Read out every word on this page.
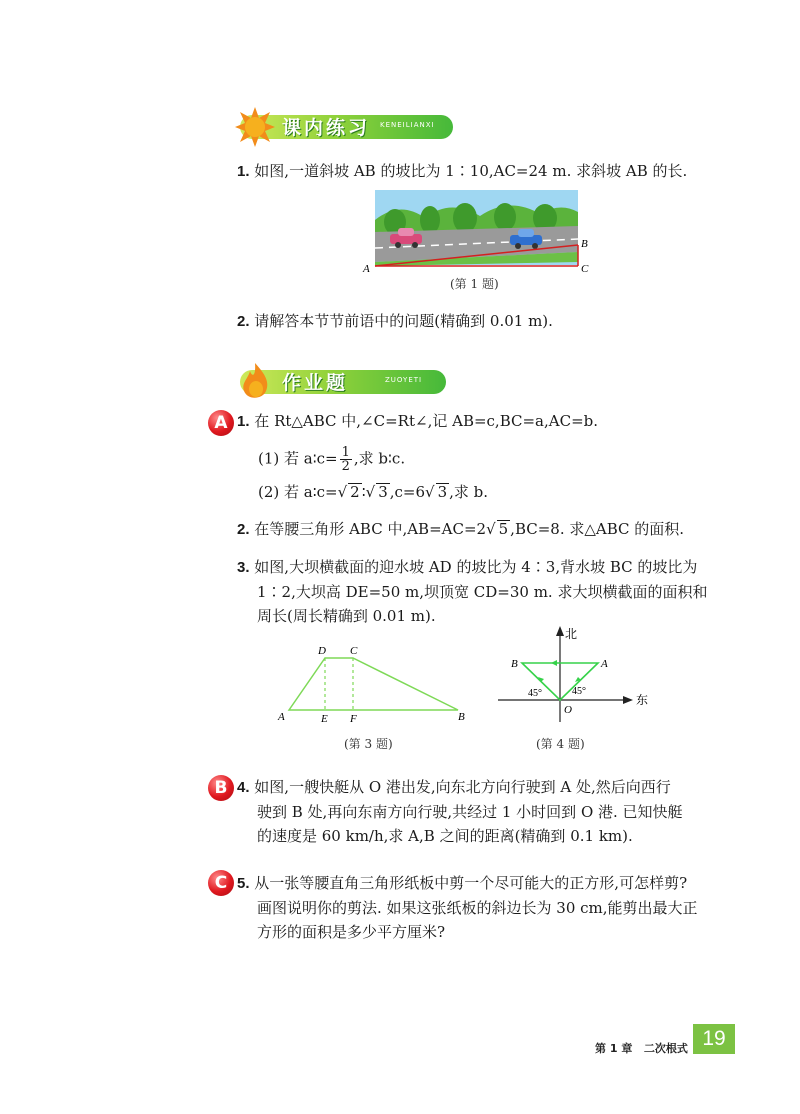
课内练习 KENEILIANXI
1. 如图,一道斜坡 AB 的坡比为 1∶10,AC=24 m. 求斜坡 AB 的长.
A
B
C
(第 1 题)
2. 请解答本节节前语中的问题(精确到 0.01 m).
作业题	ZUOYETI
A 1. 在 Rt△ABC 中,∠C=Rt∠,记 AB=c,BC=a,AC=b.
(1) 若 a∶c= $\frac{1}{2}$ ,求 b∶c.
(2) 若 a∶c=√ 2 ∶√ 3 ,c=6√ 3 ,求 b.
2. 在等腰三角形 ABC 中,AB=AC=2√ 5 ,BC=8. 求△ABC 的面积.
3. 如图,大坝横截面的迎水坡 AD 的坡比为 4∶3,背水坡 BC 的坡比为
1∶2,大坝高 DE=50 m,坝顶宽 CD=30 m. 求大坝横截面的面积和
周长(周长精确到 0.01 m).
A	B
D C
E F
(第 3 题)
北
东
A
B
O
45°	45°
(第 4 题)
B 4. 如图,一艘快艇从 O 港出发,向东北方向行驶到 A 处,然后向西行
驶到 B 处,再向东南方向行驶,共经过 1 小时回到 O 港. 已知快艇
的速度是 60 km/h,求 A,B 之间的距离(精确到 0.1 km).
C 5. 从一张等腰直角三角形纸板中剪一个尽可能大的正方形,可怎样剪?
画图说明你的剪法. 如果这张纸板的斜边长为 30 cm,能剪出最大正
方形的面积是多少平方厘米?
第 1 章 二次根式 19
